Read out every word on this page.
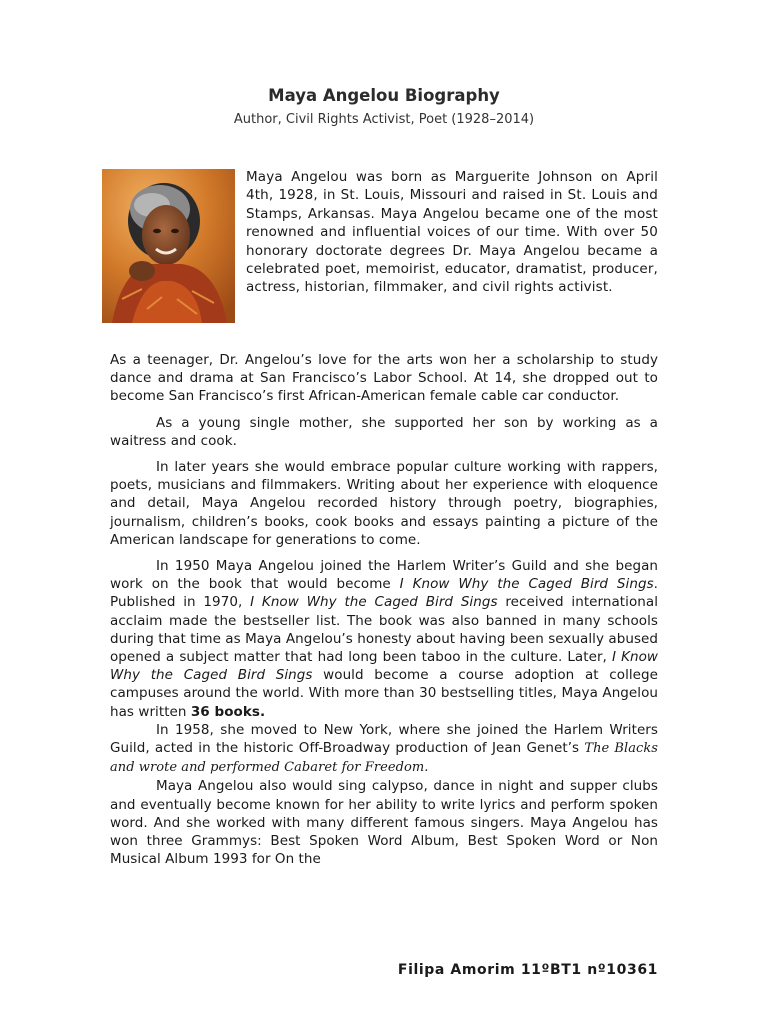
Maya Angelou Biography
Author, Civil Rights Activist, Poet (1928–2014)
Maya Angelou was born as Marguerite Johnson on April 4th, 1928, in St. Louis, Missouri and raised in St. Louis and Stamps, Arkansas. Maya Angelou became one of the most renowned and influential voices of our time. With over 50 honorary doctorate degrees Dr. Maya Angelou became a celebrated poet, memoirist, educator, dramatist, producer, actress, historian, filmmaker, and civil rights activist.

As a teenager, Dr. Angelou’s love for the arts won her a scholarship to study dance and drama at San Francisco’s Labor School. At 14, she dropped out to become San Francisco’s first African-American female cable car conductor.

As a young single mother, she supported her son by working as a waitress and cook.

In later years she would embrace popular culture working with rappers, poets, musicians and filmmakers. Writing about her experience with eloquence and detail, Maya Angelou recorded history through poetry, biographies, journalism, children’s books, cook books and essays painting a picture of the American landscape for generations to come.

In 1950 Maya Angelou joined the Harlem Writer’s Guild and she began work on the book that would become I Know Why the Caged Bird Sings. Published in 1970, I Know Why the Caged Bird Sings received international acclaim made the bestseller list. The book was also banned in many schools during that time as Maya Angelou’s honesty about having been sexually abused opened a subject matter that had long been taboo in the culture. Later, I Know Why the Caged Bird Sings would become a course adoption at college campuses around the world. With more than 30 bestselling titles, Maya Angelou has written 36 books.

In 1958, she moved to New York, where she joined the Harlem Writers Guild, acted in the historic Off-Broadway production of Jean Genet’s The Blacks and wrote and performed Cabaret for Freedom.

Maya Angelou also would sing calypso, dance in night and supper clubs and eventually become known for her ability to write lyrics and perform spoken word. And she worked with many different famous singers. Maya Angelou has won three Grammys: Best Spoken Word Album, Best Spoken Word or Non Musical Album 1993 for On the

Filipa Amorim 11ºBT1 nº10361
